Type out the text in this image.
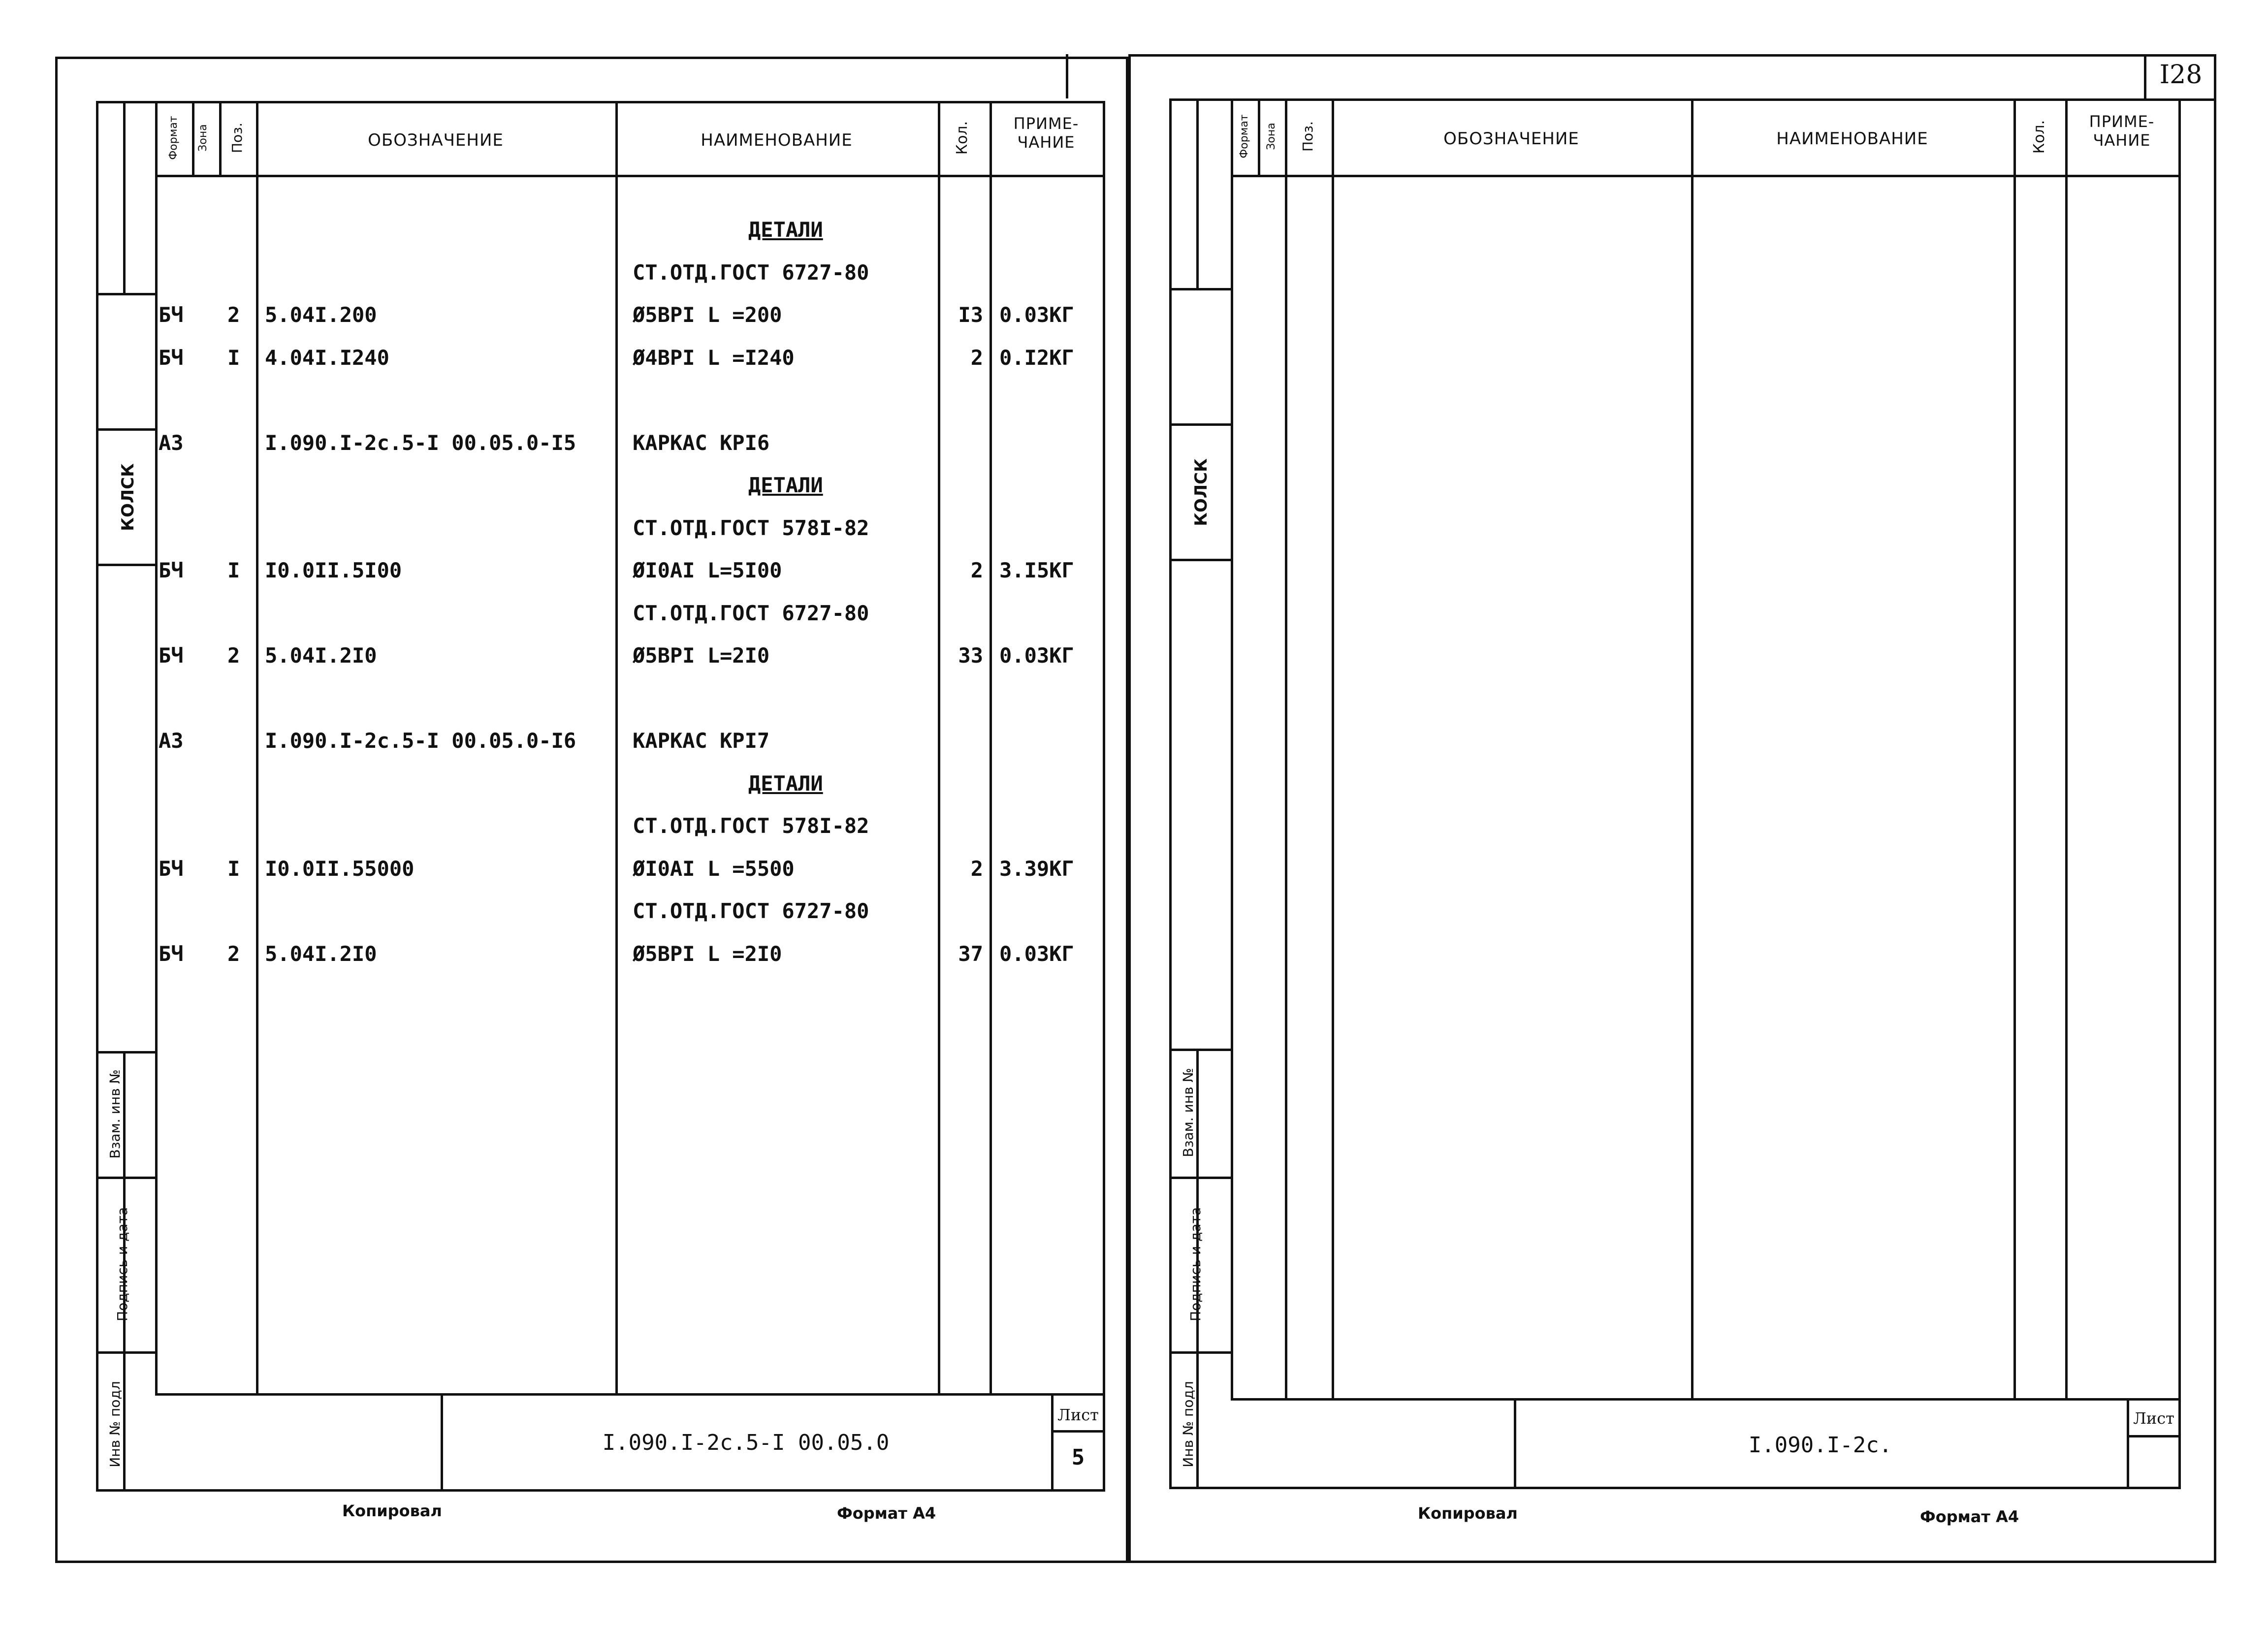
КОЛСК
Взам. инв №
Подпись и дата
Инв № подл
Формат Зона Поз.	ОБОЗНАЧЕНИЕ	НАИМЕНОВАНИЕ	Кол.	ПРИМЕ-
ЧАНИЕ
ДЕТАЛИ
СТ.ОТД.ГОСТ 6727-80
БЧ 2 5.04I.200	Ø5ВРI L =200	I3 0.03КГ
БЧ I 4.04I.I240	Ø4ВРI L =I240	2 0.I2КГ
А3	I.090.I-2с.5-I 00.05.0-I5	КАРКАС КРI6
ДЕТАЛИ
СТ.ОТД.ГОСТ 578I-82
БЧ I I0.0II.5I00	ØI0АI L=5I00	2 3.I5КГ
СТ.ОТД.ГОСТ 6727-80
БЧ 2 5.04I.2I0	Ø5ВРI L=2I0	33 0.03КГ
А3	I.090.I-2с.5-I 00.05.0-I6	КАРКАС КРI7
ДЕТАЛИ
СТ.ОТД.ГОСТ 578I-82
БЧ I I0.0II.55000	ØI0АI L =5500	2 3.39КГ
СТ.ОТД.ГОСТ 6727-80
БЧ 2 5.04I.2I0	Ø5ВРI L =2I0	37 0.03КГ
I.090.I-2с.5-I 00.05.0
Лист
5
Копировал	Формат А4
I28
КОЛСК
Взам. инв №
Подпись и дата
Инв № подл
Формат Зона Поз.	ОБОЗНАЧЕНИЕ	НАИМЕНОВАНИЕ	Кол.	ПРИМЕ-
ЧАНИЕ
I.090.I-2с.
Лист
Копировал	Формат А4
